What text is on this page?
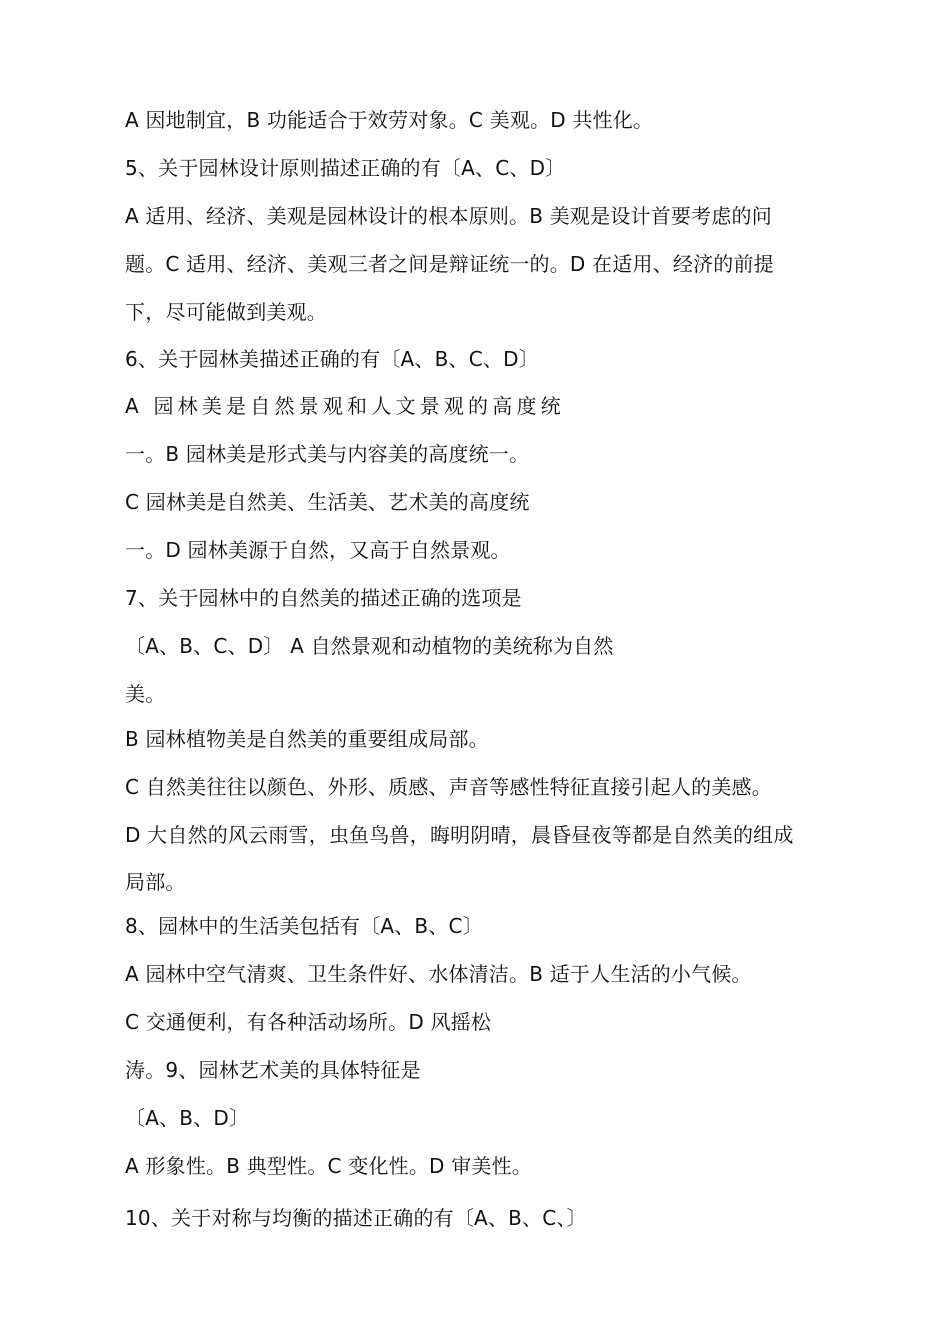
A 因地制宜，B 功能适合于效劳对象。C 美观。D 共性化。
5、关于园林设计原则描述正确的有〔A、C、D〕
A 适用、经济、美观是园林设计的根本原则。B 美观是设计首要考虑的问
题。C 适用、经济、美观三者之间是辩证统一的。D 在适用、经济的前提
下，尽可能做到美观。
6、关于园林美描述正确的有〔A、B、C、D〕
A 园林美是自然景观和人文景观的高度统
一。B 园林美是形式美与内容美的高度统一。
C 园林美是自然美、生活美、艺术美的高度统
一。D 园林美源于自然，又高于自然景观。
7、关于园林中的自然美的描述正确的选项是
〔A、B、C、D〕 A 自然景观和动植物的美统称为自然
美。
B 园林植物美是自然美的重要组成局部。
C 自然美往往以颜色、外形、质感、声音等感性特征直接引起人的美感。
D 大自然的风云雨雪，虫鱼鸟兽，晦明阴晴，晨昏昼夜等都是自然美的组成
局部。
8、园林中的生活美包括有〔A、B、C〕
A 园林中空气清爽、卫生条件好、水体清洁。B 适于人生活的小气候。
C 交通便利，有各种活动场所。D 风摇松
涛。9、园林艺术美的具体特征是
〔A、B、D〕
A 形象性。B 典型性。C 变化性。D 审美性。
10、关于对称与均衡的描述正确的有〔A、B、C、〕
